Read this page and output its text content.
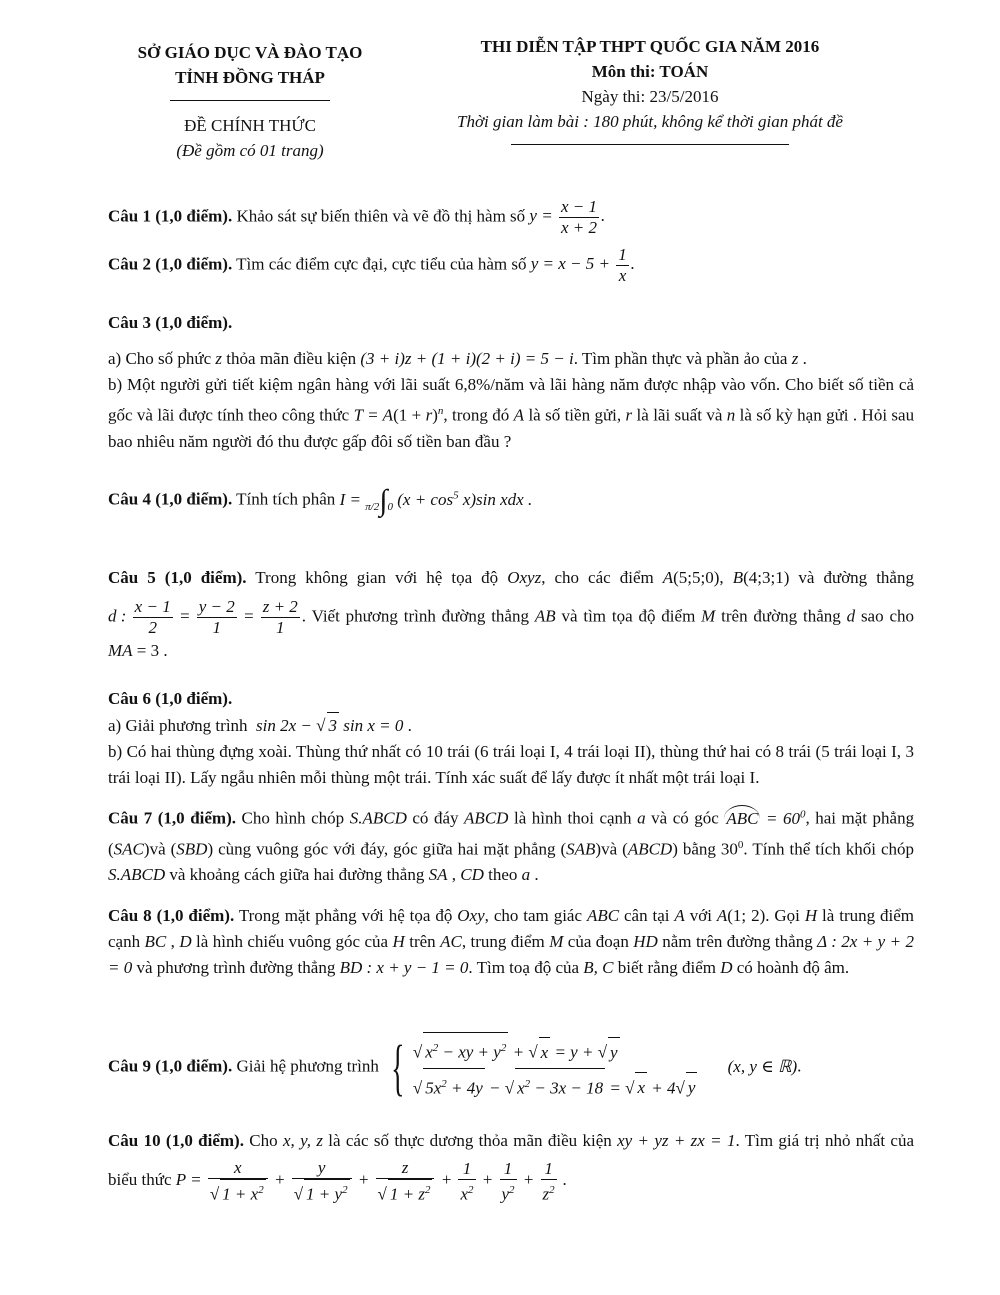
SỞ GIÁO DỤC VÀ ĐÀO TẠO
TỈNH ĐỒNG THÁP
ĐỀ CHÍNH THỨC
(Đề gồm có 01 trang)
THI DIỄN TẬP THPT QUỐC GIA NĂM 2016
Môn thi: TOÁN
Ngày thi: 23/5/2016
Thời gian làm bài : 180 phút, không kể thời gian phát đề
Câu 1 (1,0 điểm). Khảo sát sự biến thiên và vẽ đồ thị hàm số $y = \frac{x - 1}{x + 2}$ .
Câu 2 (1,0 điểm). Tìm các điểm cực đại, cực tiểu của hàm số $y = x - 5 + \frac{1}{x}$ .
Câu 3 (1,0 điểm).
a) Cho số phức z thỏa mãn điều kiện (3 + i)z + (1 + i)(2 + i) = 5 − i. Tìm phần thực và phần ảo của z .
b) Một người gửi tiết kiệm ngân hàng với lãi suất 6,8%/năm và lãi hàng năm được nhập vào vốn. Cho biết số tiền cả gốc và lãi được tính theo công thức $T = A(1 + r)^n$, trong đó A là số tiền gửi, r là lãi suất và n là số kỳ hạn gửi . Hỏi sau bao nhiêu năm người đó thu được gấp đôi số tiền ban đầu ?
Câu 4 (1,0 điểm). Tính tích phân I = π/2∫0 $(x + \cos^5 x)\sin$ xdx .
Câu 5 (1,0 điểm). Trong không gian với hệ tọa độ Oxyz, cho các điểm A(5;5;0), B(4;3;1) và đường thẳng d : $\frac{x - 1}{2} = \frac{y - 2}{1} = \frac{z + 2}{1}$ . Viết phương trình đường thẳng AB và tìm tọa độ điểm M trên đường thẳng d sao cho MA = 3 .
Câu 6 (1,0 điểm).
a) Giải phương trình sin 2x − √ 3 sin x = 0 .
b) Có hai thùng đựng xoài. Thùng thứ nhất có 10 trái (6 trái loại I, 4 trái loại II), thùng thứ hai có 8 trái (5 trái loại I, 3 trái loại II). Lấy ngẫu nhiên mỗi thùng một trái. Tính xác suất để lấy được ít nhất một trái loại I.
Câu 7 (1,0 điểm). Cho hình chóp S.ABCD có đáy ABCD là hình thoi cạnh a và có góc ABC = $60^0$, hai mặt phẳng (SAC)và (SBD) cùng vuông góc với đáy, góc giữa hai mặt phẳng (SAB)và (ABCD) bằng $30^0$. Tính thể tích khối chóp S.ABCD và khoảng cách giữa hai đường thẳng SA , CD theo a .
Câu 8 (1,0 điểm). Trong mặt phẳng với hệ tọa độ Oxy, cho tam giác ABC cân tại A với A(1; 2). Gọi H là trung điểm cạnh BC , D là hình chiếu vuông góc của H trên AC, trung điểm M của đoạn HD nằm trên đường thẳng Δ : 2x + y + 2 = 0 và phương trình đường thẳng BD : x + y − 1 = 0. Tìm toạ độ của B, C biết rằng điểm D có hoành độ âm.
Câu 9 (1,0 điểm). Giải hệ phương trình { √ $x^2$ − xy + $y^2$ + √ x = y + √ y
√ $5x^2 + 4y$ − √ $x^2 - 3x - 18$ = √ x + 4√ y
(x, y ∈ ℝ).
Câu 10 (1,0 điểm). Cho x, y, z là các số thực dương thỏa mãn điều kiện xy + yz + zx = 1. Tìm giá trị nhỏ nhất của biểu thức $P = \frac{x}{√ 1 + x^2} + \frac{y}{√ 1 + y^2} + \frac{z}{√ 1 + z^2} + \frac{1}{x^2} + \frac{1}{y^2} + \frac{1}{z^2}$ .
